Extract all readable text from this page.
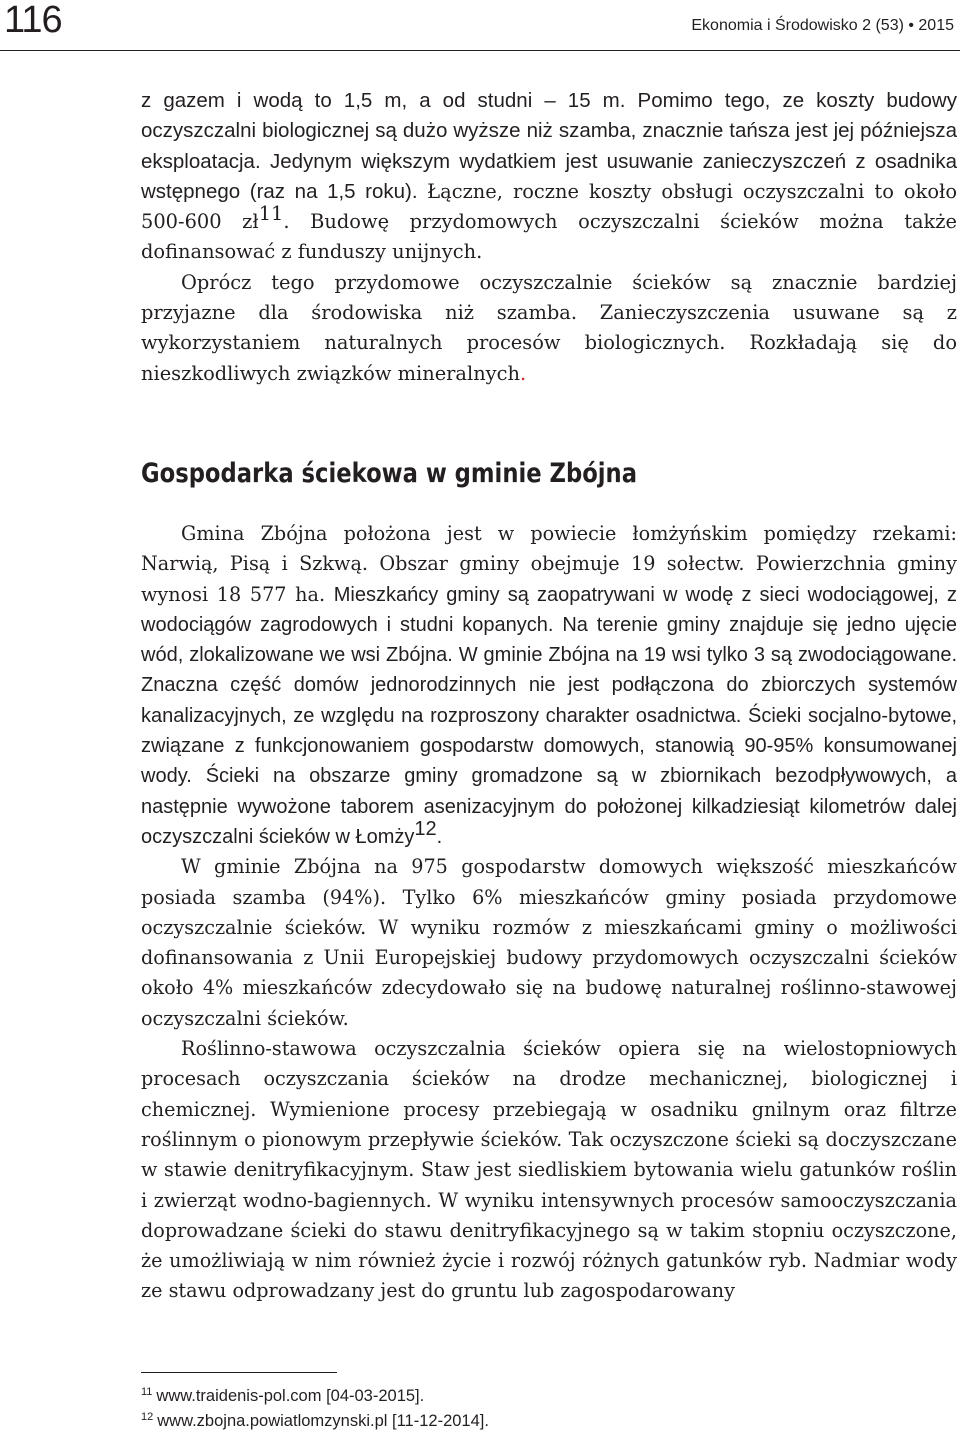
116	Ekonomia i Środowisko 2 (53) • 2015

z gazem i wodą to 1,5 m, a od studni – 15 m. Pomimo tego, ze koszty budowy oczyszczalni biologicznej są dużo wyższe niż szamba, znacznie tańsza jest jej późniejsza eksploatacja. Jedynym większym wydatkiem jest usuwanie zanieczyszczeń z osadnika wstępnego (raz na 1,5 roku). Łączne, roczne koszty obsługi oczyszczalni to około 500-600 $zł^{11}$. Budowę przydomowych oczyszczalni ścieków można także dofinansować z funduszy unijnych.

Oprócz tego przydomowe oczyszczalnie ścieków są znacznie bardziej przyjazne dla środowiska niż szamba. Zanieczyszczenia usuwane są z wykorzystaniem naturalnych procesów biologicznych. Rozkładają się do nieszkodliwych związków mineralnych.

Gospodarka ściekowa w gminie Zbójna

Gmina Zbójna położona jest w powiecie łomżyńskim pomiędzy rzekami: Narwią, Pisą i Szkwą. Obszar gminy obejmuje 19 sołectw. Powierzchnia gminy wynosi 18 577 ha. Mieszkańcy gminy są zaopatrywani w wodę z sieci wodociągowej, z wodociągów zagrodowych i studni kopanych. Na terenie gminy znajduje się jedno ujęcie wód, zlokalizowane we wsi Zbójna. W gminie Zbójna na 19 wsi tylko 3 są zwodociągowane. Znaczna część domów jednorodzinnych nie jest podłączona do zbiorczych systemów kanalizacyjnych, ze względu na rozproszony charakter osadnictwa. Ścieki socjalno-bytowe, związane z funkcjonowaniem gospodarstw domowych, stanowią 90-95% konsumowanej wody. Ścieki na obszarze gminy gromadzone są w zbiornikach bezodpływowych, a następnie wywożone taborem asenizacyjnym do położonej kilkadziesiąt kilometrów dalej oczyszczalni ścieków w Łomży$^{12}$.

W gminie Zbójna na 975 gospodarstw domowych większość mieszkańców posiada szamba (94%). Tylko 6% mieszkańców gminy posiada przydomowe oczyszczalnie ścieków. W wyniku rozmów z mieszkańcami gminy o możliwości dofinansowania z Unii Europejskiej budowy przydomowych oczyszczalni ścieków około 4% mieszkańców zdecydowało się na budowę naturalnej roślinno-stawowej oczyszczalni ścieków.

Roślinno-stawowa oczyszczalnia ścieków opiera się na wielostopniowych procesach oczyszczania ścieków na drodze mechanicznej, biologicznej i chemicznej. Wymienione procesy przebiegają w osadniku gnilnym oraz filtrze roślinnym o pionowym przepływie ścieków. Tak oczyszczone ścieki są doczyszczane w stawie denitryfikacyjnym. Staw jest siedliskiem bytowania wielu gatunków roślin i zwierząt wodno-bagiennych. W wyniku intensywnych procesów samooczyszczania doprowadzane ścieki do stawu denitryfikacyjnego są w takim stopniu oczyszczone, że umożliwiają w nim również życie i rozwój różnych gatunków ryb. Nadmiar wody ze stawu odprowadzany jest do gruntu lub zagospodarowany

$^{11}$ www.traidenis-pol.com [04-03-2015].
$^{12}$ www.zbojna.powiatlomzynski.pl [11-12-2014].
